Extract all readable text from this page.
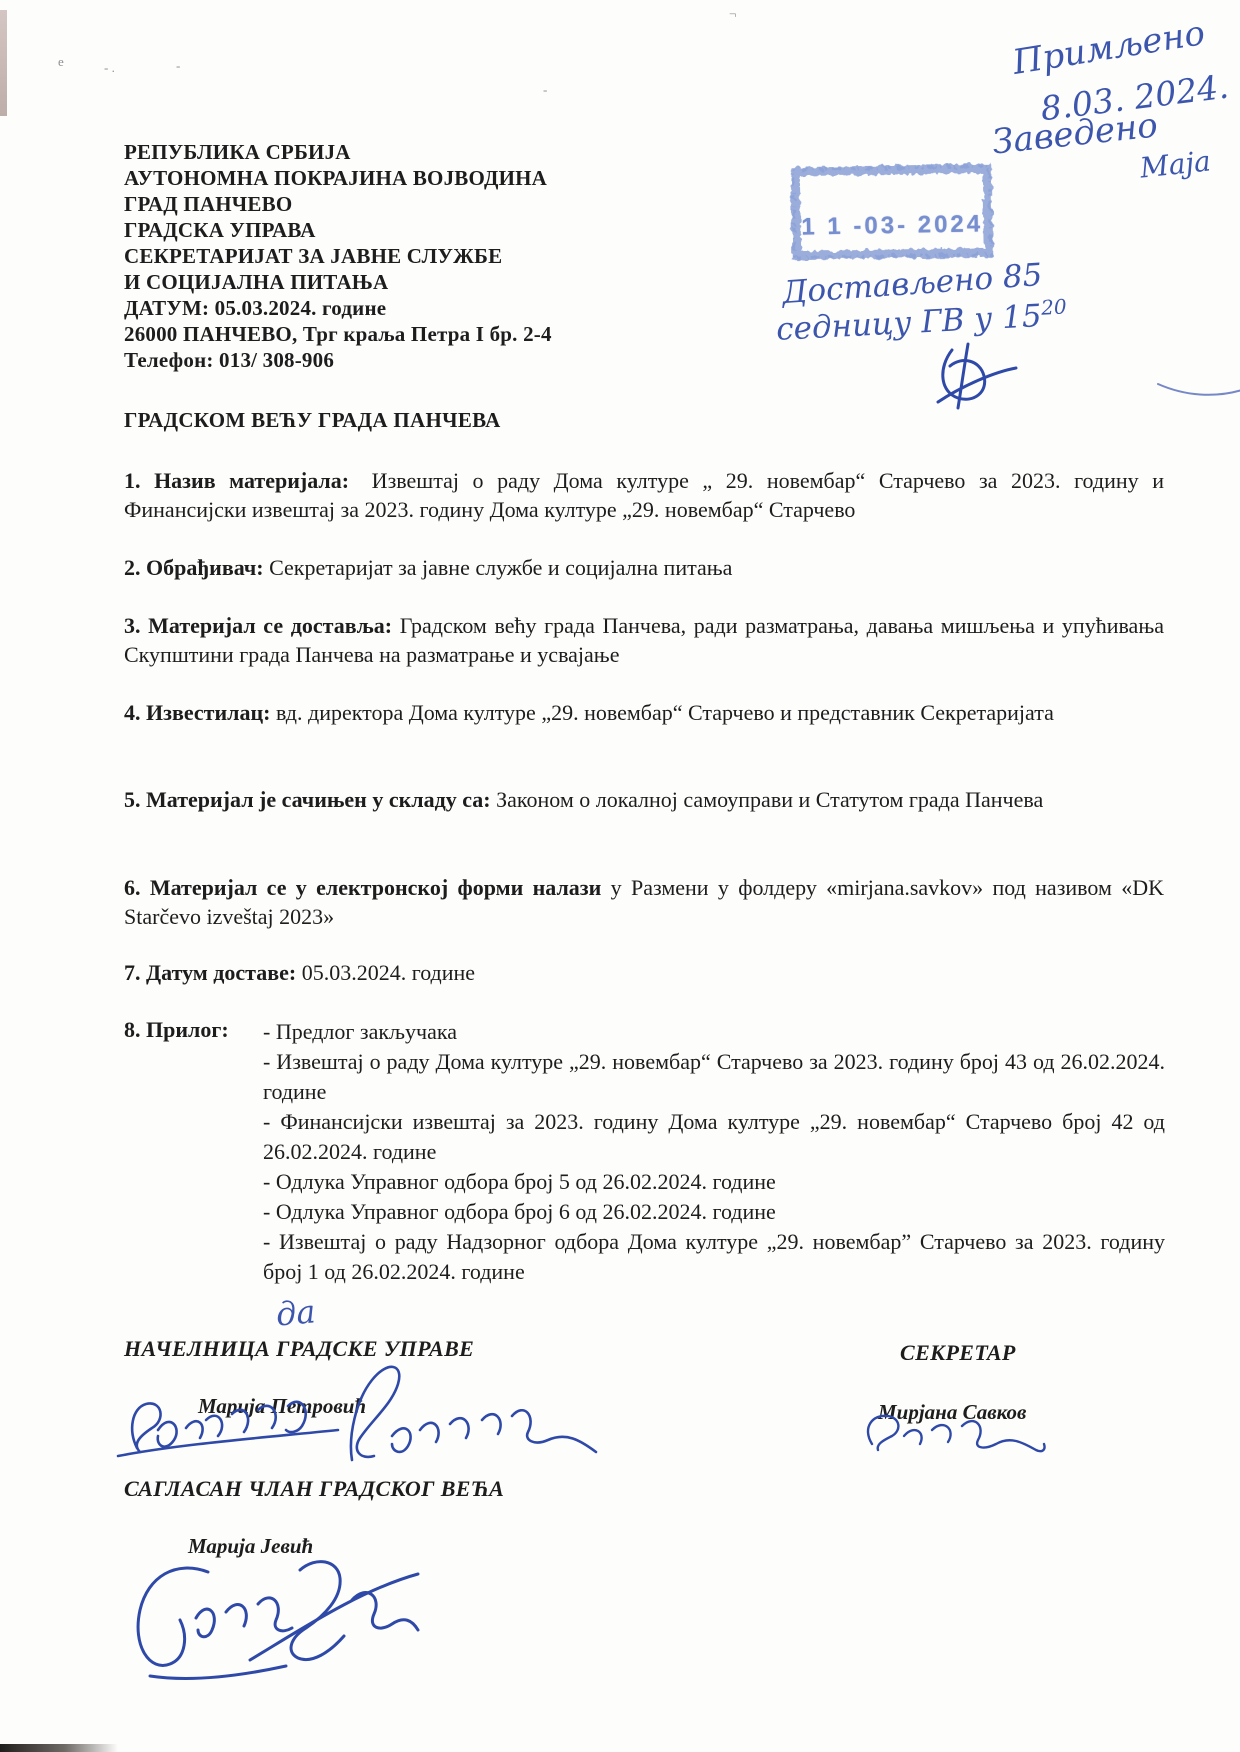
е	- .	-
-
¬
РЕПУБЛИКА СРБИЈА
АУТОНОМНА ПОКРАЈИНА ВОЈВОДИНА
ГРАД ПАНЧЕВО
ГРАДСКА УПРАВА
СЕКРЕТАРИЈАТ ЗА ЈАВНЕ СЛУЖБЕ
И СОЦИЈАЛНА ПИТАЊА
ДАТУМ: 05.03.2024. године
26000 ПАНЧЕВО, Трг краља Петра I бр. 2-4
Телефон: 013/ 308-906
ГРАДСКОМ ВЕЋУ ГРАДА ПАНЧЕВА

1. Назив материјала: Извештај о раду Дома културе „ 29. новембар“ Старчево за 2023. годину и Финансијски извештај за 2023. годину Дома културе „29. новембар“ Старчево

2. Обрађивач: Секретаријат за јавне службе и социјална питања

3. Материјал се доставља: Градском већу града Панчева, ради разматрања, давања мишљења и упућивања Скупштини града Панчева на разматрање и усвајање

4. Известилац: вд. директора Дома културе „29. новембар“ Старчево и представник Секретаријата

5. Материјал је сачињен у складу са: Законом о локалној самоуправи и Статутом града Панчева

6. Материјал се у електронској форми налази у Размени у фолдеру «mirjana.savkov» под називом «DK Starčevo izveštaj 2023»

7. Датум доставе: 05.03.2024. године

8. Прилог: - Предлог закључака

- Извештај о раду Дома културе „29. новембар“ Старчево за 2023. годину број 43 од 26.02.2024. године

- Финансијски извештај за 2023. годину Дома културе „29. новембар“ Старчево број 42 од 26.02.2024. године

- Одлука Управног одбора број 5 од 26.02.2024. године

- Одлука Управног одбора број 6 од 26.02.2024. године

- Извештај о раду Надзорног одбора Дома културе „29. новембар” Старчево за 2023. годину број 1 од 26.02.2024. године

НАЧЕЛНИЦА ГРАДСКЕ УПРАВЕ	СЕКРЕТАР
Марија Петровић	Мирјана Савков
САГЛАСАН ЧЛАН ГРАДСКОГ ВЕЋА
Марија Јевић
1 1 -03- 2024
Примљено
8.03. 2024.
Заведено
Маја
Достављено 85
седницу ГВ у $15^{20}$
да
